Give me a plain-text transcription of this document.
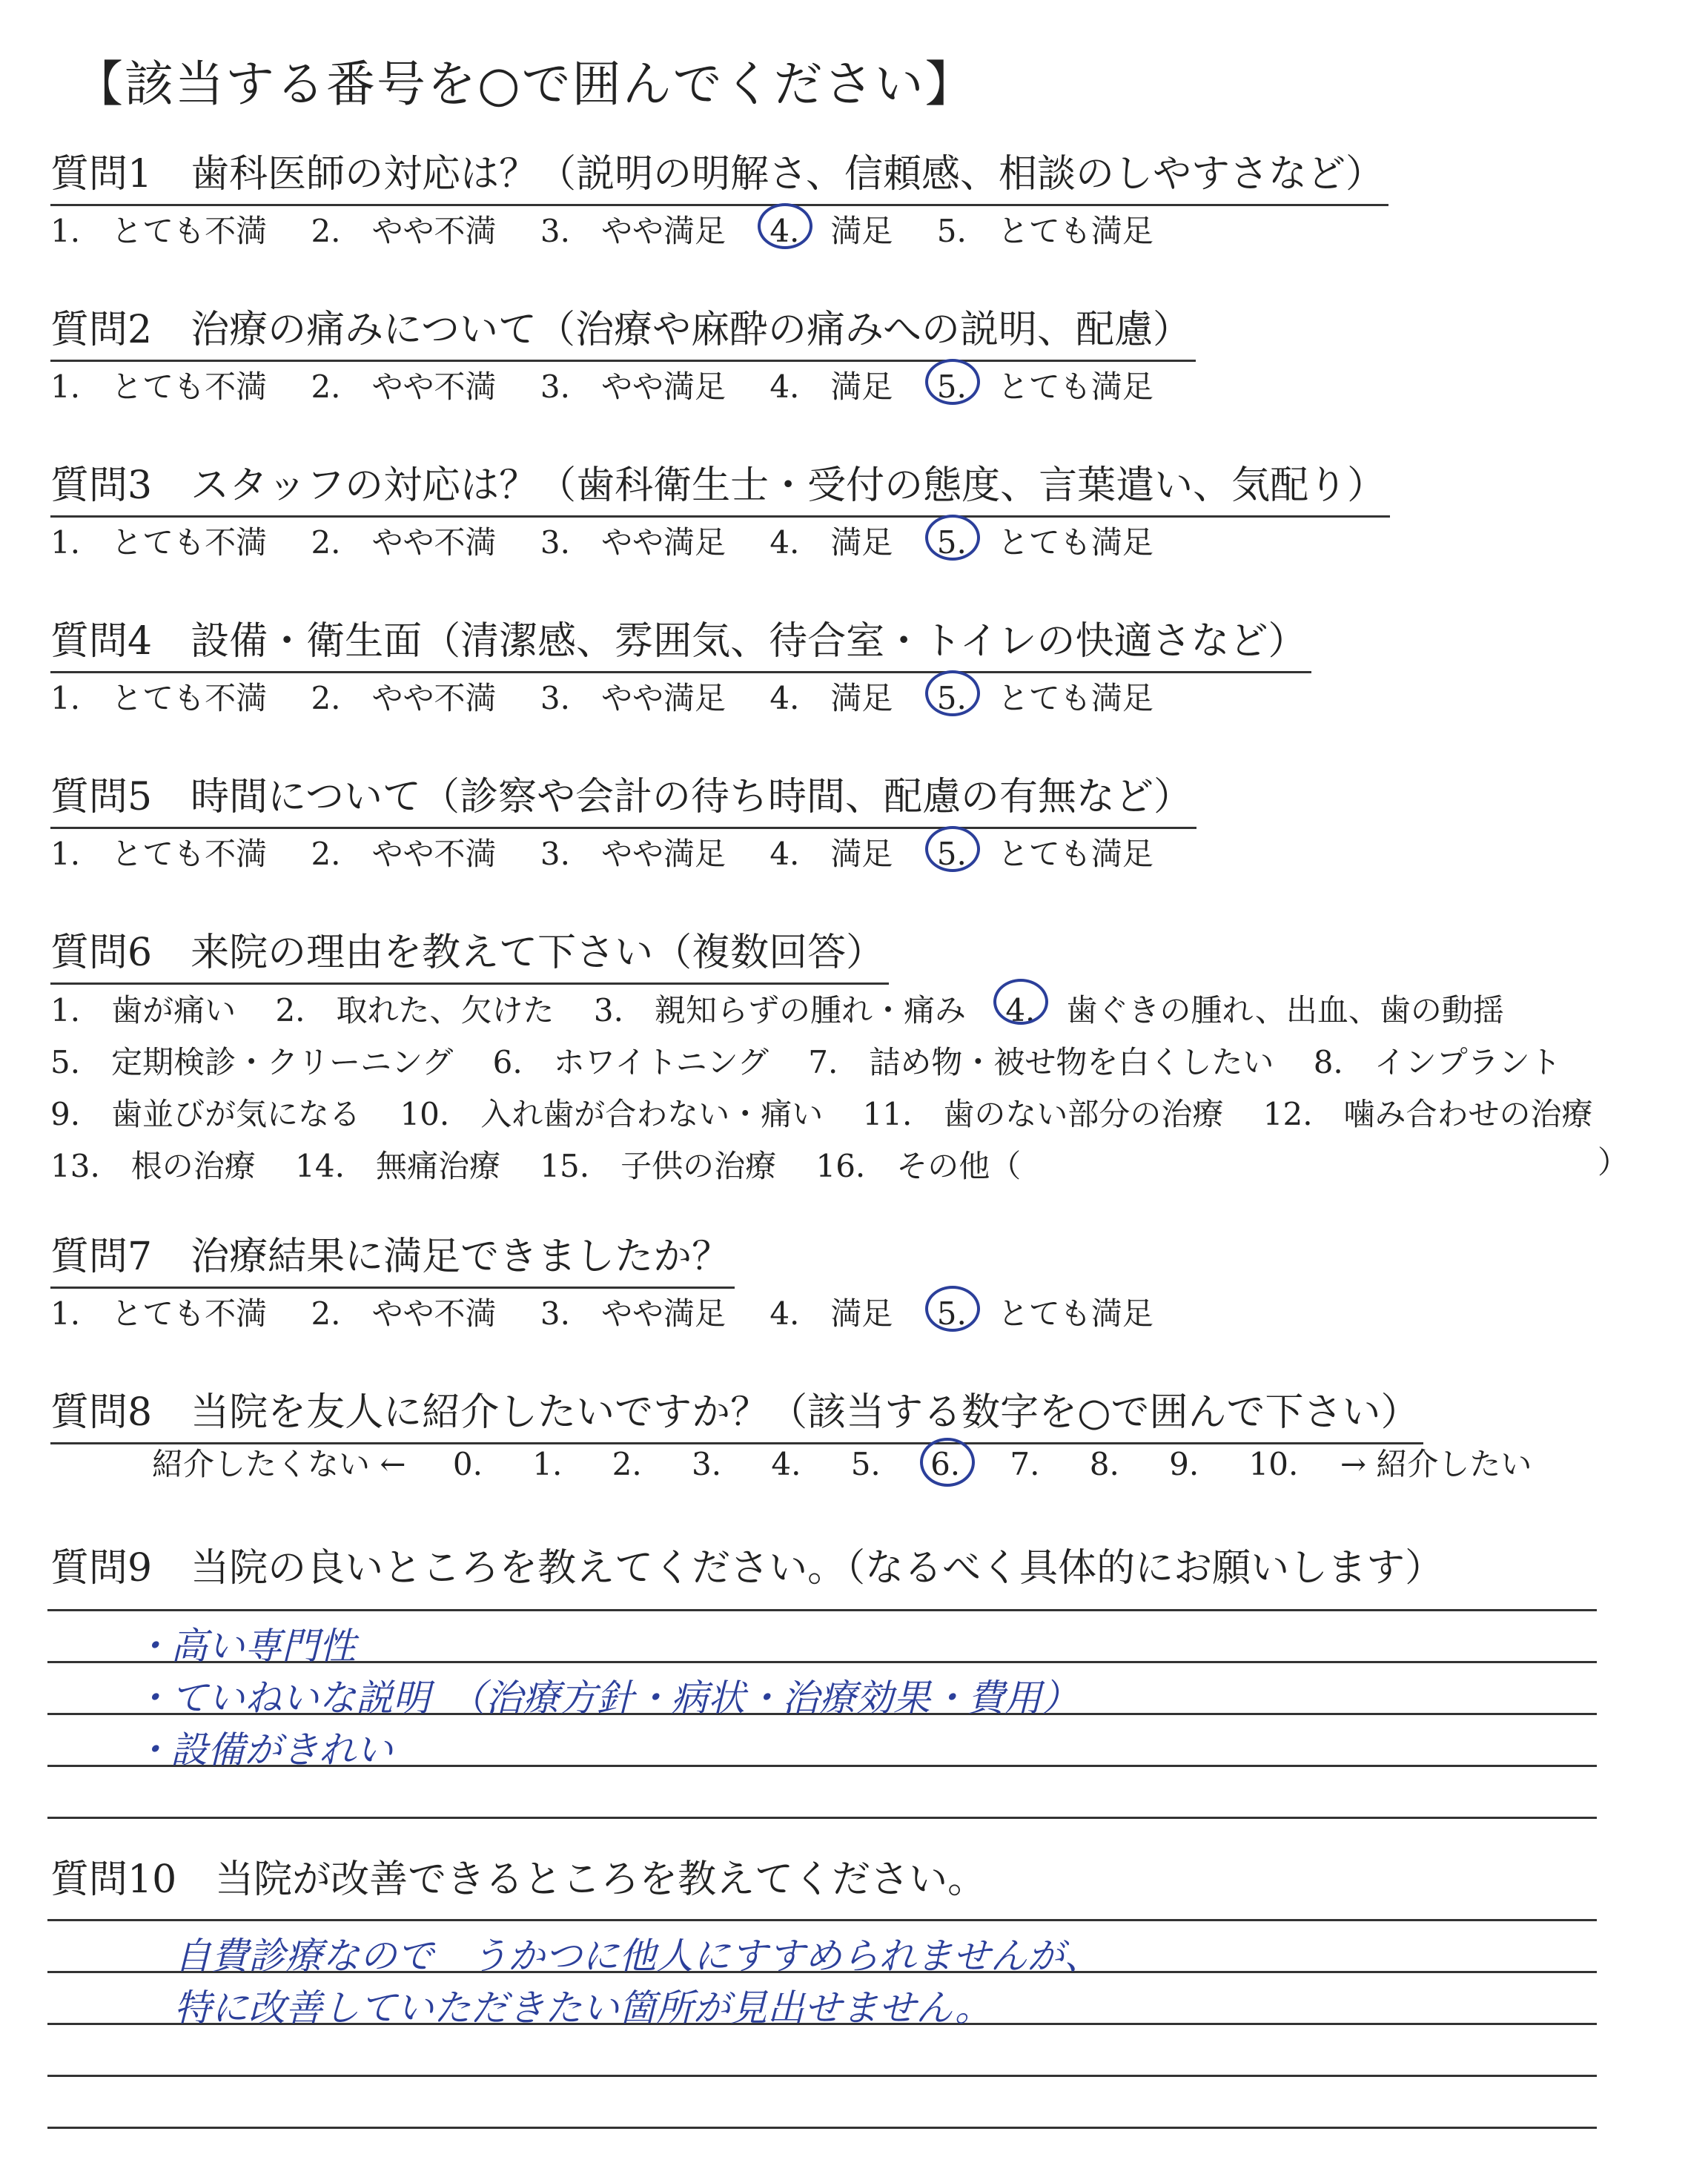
【該当する番号を○で囲んでください】
質問1　歯科医師の対応は？（説明の明解さ、信頼感、相談のしやすさなど）
1.　とても不満 2.　やや不満 3.　やや満足 4.　満足 5.　とても満足
質問2　治療の痛みについて（治療や麻酔の痛みへの説明、配慮）
1.　とても不満 2.　やや不満 3.　やや満足 4.　満足 5.　とても満足
質問3　スタッフの対応は？（歯科衛生士・受付の態度、言葉遣い、気配り）
1.　とても不満 2.　やや不満 3.　やや満足 4.　満足 5.　とても満足
質問4　設備・衛生面（清潔感、雰囲気、待合室・トイレの快適さなど）
1.　とても不満 2.　やや不満 3.　やや満足 4.　満足 5.　とても満足
質問5　時間について（診察や会計の待ち時間、配慮の有無など）
1.　とても不満 2.　やや不満 3.　やや満足 4.　満足 5.　とても満足
質問6　来院の理由を教えて下さい（複数回答）
1.　歯が痛い 2.　取れた、欠けた 3.　親知らずの腫れ・痛み 4.　歯ぐきの腫れ、出血、歯の動揺
5.　定期検診・クリーニング 6.　ホワイトニング 7.　詰め物・被せ物を白くしたい 8.　インプラント
9.　歯並びが気になる 10.　入れ歯が合わない・痛い 11.　歯のない部分の治療 12.　噛み合わせの治療
13.　根の治療 14.　無痛治療 15.　子供の治療 16.　その他（	）
質問7　治療結果に満足できましたか？
1.　とても不満 2.　やや不満 3.　やや満足 4.　満足 5.　とても満足
質問8　当院を友人に紹介したいですか？（該当する数字を○で囲んで下さい）
紹介したくない ← 0. 1. 2. 3. 4. 5. 6. 7. 8. 9. 10. → 紹介したい
質問9　当院の良いところを教えてください。（なるべく具体的にお願いします）
・高い専門性
・ていねいな説明　（治療方針・病状・治療効果・費用）
・設備がきれい
質問10　当院が改善できるところを教えてください。
自費診療なので　うかつに他人にすすめられませんが、
特に改善していただきたい箇所が見出せません。
